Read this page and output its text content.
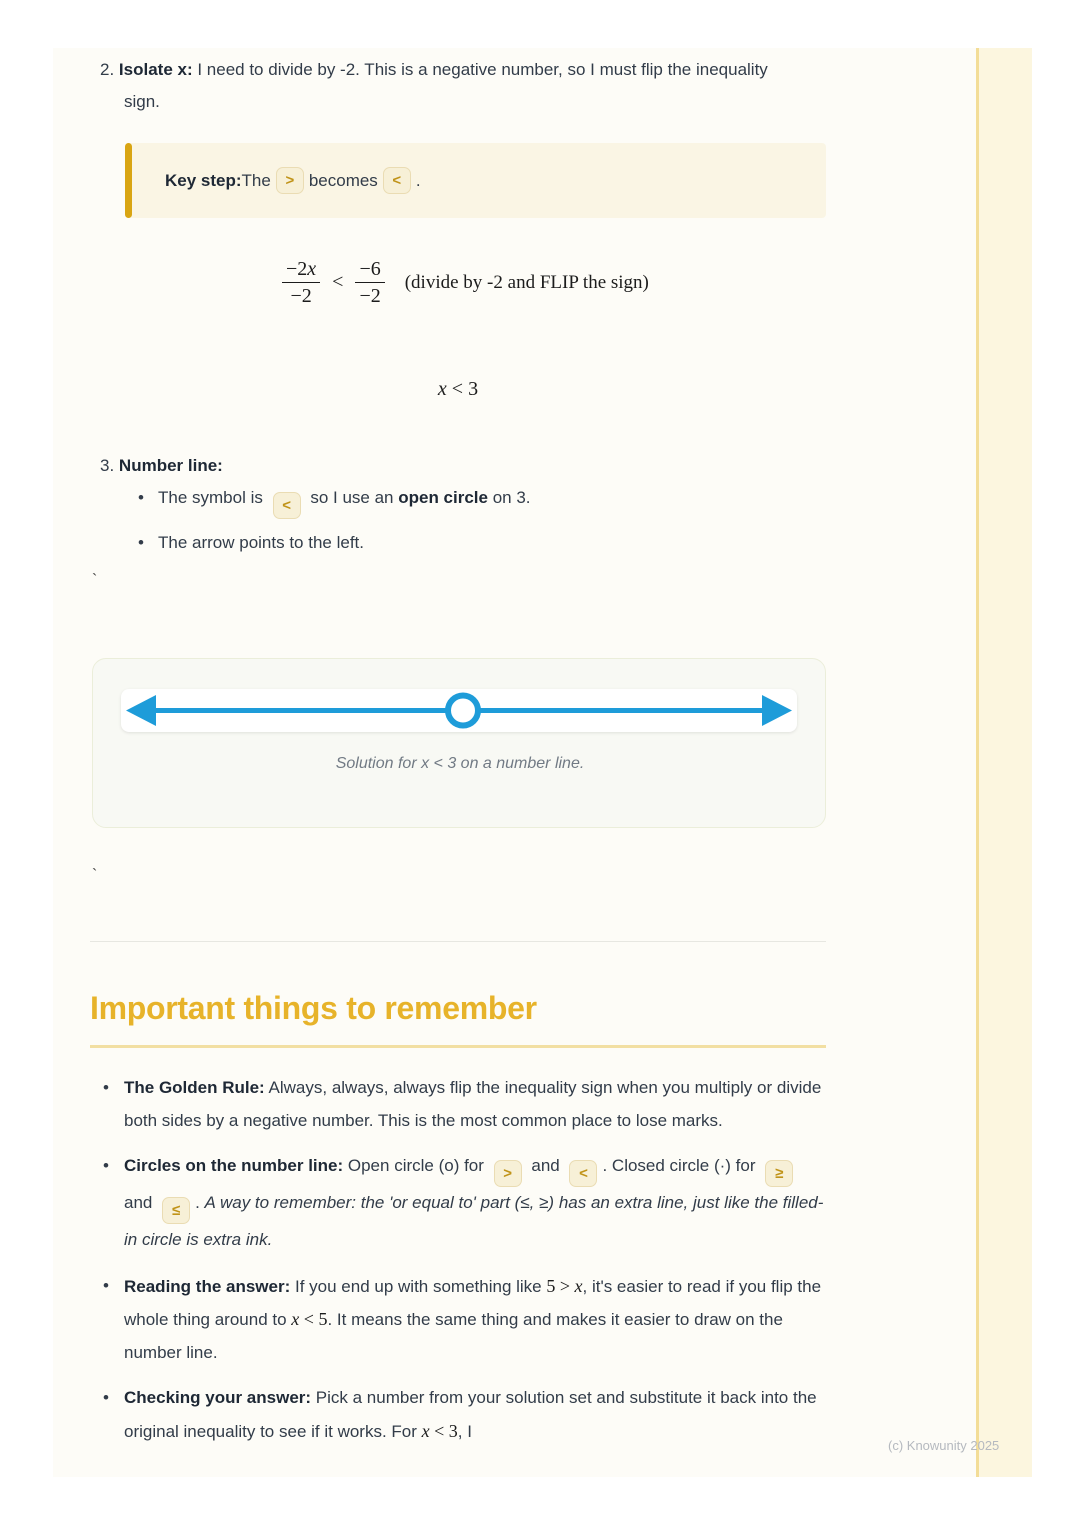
2. Isolate x: I need to divide by -2. This is a negative number, so I must flip the inequality sign.
Key step: The > becomes < .
$\frac{-2x}{-2} < \frac{-6}{-2}$ (divide by -2 and FLIP the sign)
x < 3
3. Number line:
• The symbol is < so I use an open circle on 3.
• The arrow points to the left.
`
Solution for x < 3 on a number line.
`
Important things to remember
• The Golden Rule: Always, always, always flip the inequality sign when you multiply or divide both sides by a negative number. This is the most common place to lose marks.
• Circles on the number line: Open circle (o) for > and < . Closed circle (·) for ≥ and ≤ . A way to remember: the 'or equal to' part (≤, ≥) has an extra line, just like the filled-in circle is extra ink.
• Reading the answer: If you end up with something like 5 > x, it's easier to read if you flip the whole thing around to x < 5. It means the same thing and makes it easier to draw on the number line.
• Checking your answer: Pick a number from your solution set and substitute it back into the original inequality to see if it works. For x < 3, I
(c) Knowunity 2025
